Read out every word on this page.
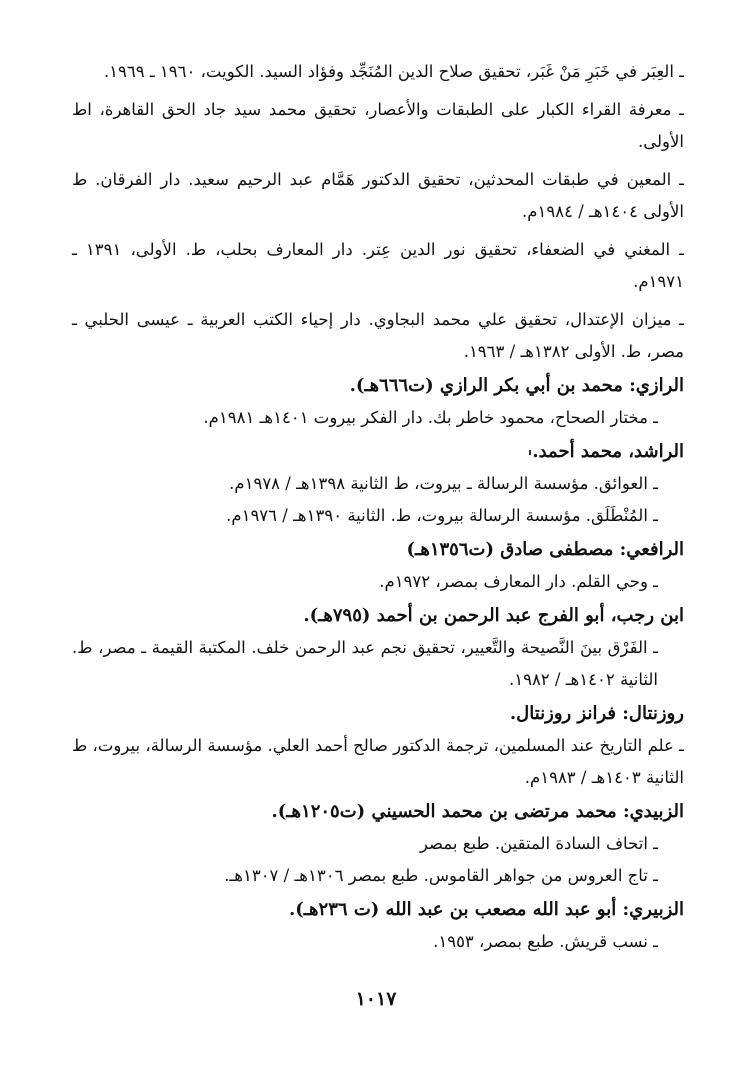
ـ العِبَر في خَبَرِ مَنْ غَبَر، تحقيق صلاح الدين المُنَجِّد وفؤاد السيد. الكويت، ١٩٦٠ ـ ١٩٦٩.
ـ معرفة القراء الكبار على الطبقات والأعصار، تحقيق محمد سيد جاد الحق القاهرة، اط الأولى.
ـ المعين في طبقات المحدثين، تحقيق الدكتور هَمَّام عبد الرحيم سعيد. دار الفرقان. ط الأولى ١٤٠٤هـ / ١٩٨٤م.
ـ المغني في الضعفاء، تحقيق نور الدين عِتر. دار المعارف بحلب، ط. الأولى، ١٣٩١ ـ ١٩٧١م.
ـ ميزان الإعتدال، تحقيق علي محمد البجاوي. دار إحياء الكتب العربية ـ عيسى الحلبي ـ مصر، ط. الأولى ١٣٨٢هـ / ١٩٦٣.
الرازي: محمد بن أبي بكر الرازي (ت٦٦٦هـ).
ـ مختار الصحاح، محمود خاطر بك. دار الفكر بيروت ١٤٠١هـ ١٩٨١م.
الراشد، محمد أحمد.
ـ العوائق. مؤسسة الرسالة ـ بيروت، ط الثانية ١٣٩٨هـ / ١٩٧٨م.
ـ المُنْطَلَق. مؤسسة الرسالة بيروت، ط. الثانية ١٣٩٠هـ / ١٩٧٦م.
الرافعي: مصطفى صادق (ت١٣٥٦هـ)
ـ وحي القلم. دار المعارف بمصر، ١٩٧٢م.
ابن رجب، أبو الفرج عبد الرحمن بن أحمد (٧٩٥هـ).
ـ الفَرْق بينَ النَّصيحة والتَّعيير، تحقيق نجم عبد الرحمن خلف. المكتبة القيمة ـ مصر، ط. الثانية ١٤٠٢هـ / ١٩٨٢.
روزنتال: فرانز روزنتال.
ـ علم التاريخ عند المسلمين، ترجمة الدكتور صالح أحمد العلي. مؤسسة الرسالة، بيروت، ط الثانية ١٤٠٣هـ / ١٩٨٣م.
الزبيدي: محمد مرتضى بن محمد الحسيني (ت١٢٠٥هـ).
ـ اتحاف السادة المتقين. طبع بمصر
ـ تاج العروس من جواهر القاموس. طبع بمصر ١٣٠٦هـ / ١٣٠٧هـ.
الزبيري: أبو عبد الله مصعب بن عبد الله (ت ٢٣٦هـ).
ـ نسب قريش. طبع بمصر، ١٩٥٣.
١٠١٧
